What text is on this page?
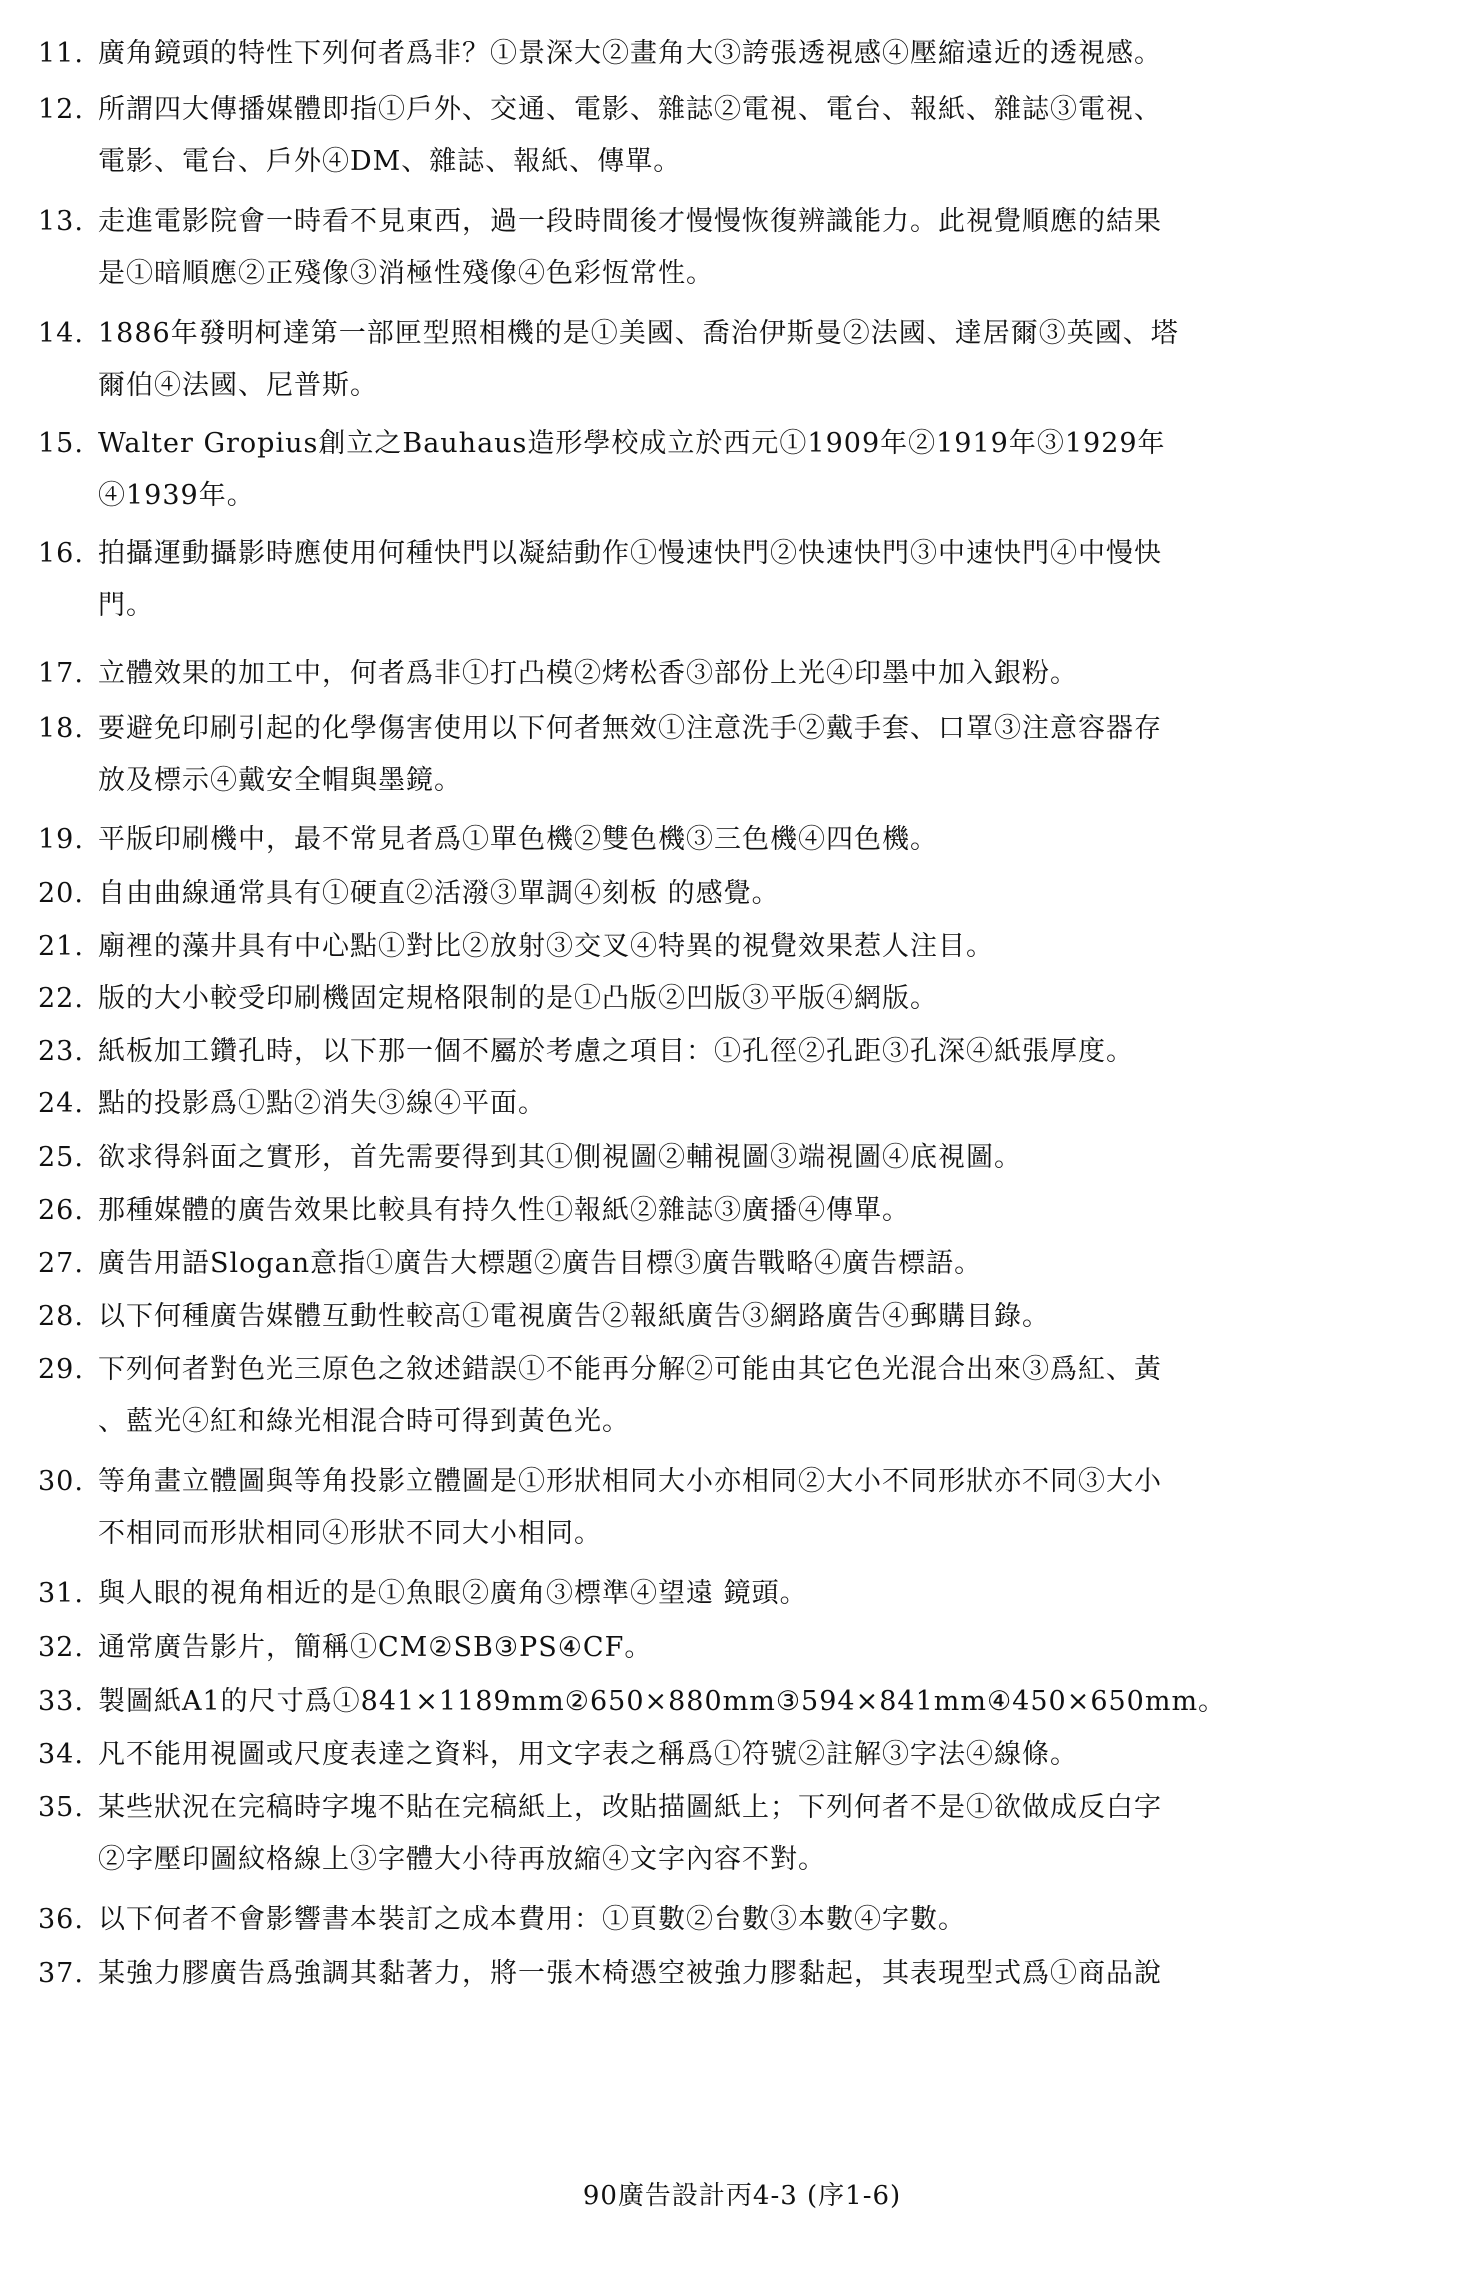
11. 廣角鏡頭的特性下列何者爲非？①景深大②畫角大③誇張透視感④壓縮遠近的透視感。
12. 所謂四大傳播媒體即指①戶外、交通、電影、雜誌②電視、電台、報紙、雜誌③電視、
電影、電台、戶外④DM、雜誌、報紙、傳單。
13. 走進電影院會一時看不見東西，過一段時間後才慢慢恢復辨識能力。此視覺順應的結果
是①暗順應②正殘像③消極性殘像④色彩恆常性。
14. 1886年發明柯達第一部匣型照相機的是①美國、喬治伊斯曼②法國、達居爾③英國、塔
爾伯④法國、尼普斯。
15. Walter Gropius創立之Bauhaus造形學校成立於西元①1909年②1919年③1929年
④1939年。
16. 拍攝運動攝影時應使用何種快門以凝結動作①慢速快門②快速快門③中速快門④中慢快
門。
17. 立體效果的加工中，何者爲非①打凸模②烤松香③部份上光④印墨中加入銀粉。
18. 要避免印刷引起的化學傷害使用以下何者無效①注意洗手②戴手套、口罩③注意容器存
放及標示④戴安全帽與墨鏡。
19. 平版印刷機中，最不常見者爲①單色機②雙色機③三色機④四色機。
20. 自由曲線通常具有①硬直②活潑③單調④刻板 的感覺。
21. 廟裡的藻井具有中心點①對比②放射③交叉④特異的視覺效果惹人注目。
22. 版的大小較受印刷機固定規格限制的是①凸版②凹版③平版④網版。
23. 紙板加工鑽孔時，以下那一個不屬於考慮之項目：①孔徑②孔距③孔深④紙張厚度。
24. 點的投影爲①點②消失③線④平面。
25. 欲求得斜面之實形，首先需要得到其①側視圖②輔視圖③端視圖④底視圖。
26. 那種媒體的廣告效果比較具有持久性①報紙②雜誌③廣播④傳單。
27. 廣告用語Slogan意指①廣告大標題②廣告目標③廣告戰略④廣告標語。
28. 以下何種廣告媒體互動性較高①電視廣告②報紙廣告③網路廣告④郵購目錄。
29. 下列何者對色光三原色之敘述錯誤①不能再分解②可能由其它色光混合出來③爲紅、黃
、藍光④紅和綠光相混合時可得到黃色光。
30. 等角畫立體圖與等角投影立體圖是①形狀相同大小亦相同②大小不同形狀亦不同③大小
不相同而形狀相同④形狀不同大小相同。
31. 與人眼的視角相近的是①魚眼②廣角③標準④望遠 鏡頭。
32. 通常廣告影片，簡稱①CM②SB③PS④CF。
33. 製圖紙A1的尺寸爲①841×1189mm②650×880mm③594×841mm④450×650mm。
34. 凡不能用視圖或尺度表達之資料，用文字表之稱爲①符號②註解③字法④線條。
35. 某些狀況在完稿時字塊不貼在完稿紙上，改貼描圖紙上；下列何者不是①欲做成反白字
②字壓印圖紋格線上③字體大小待再放縮④文字內容不對。
36. 以下何者不會影響書本裝訂之成本費用：①頁數②台數③本數④字數。
37. 某強力膠廣告爲強調其黏著力，將一張木椅憑空被強力膠黏起，其表現型式爲①商品說
90廣告設計丙4-3 (序1-6)
